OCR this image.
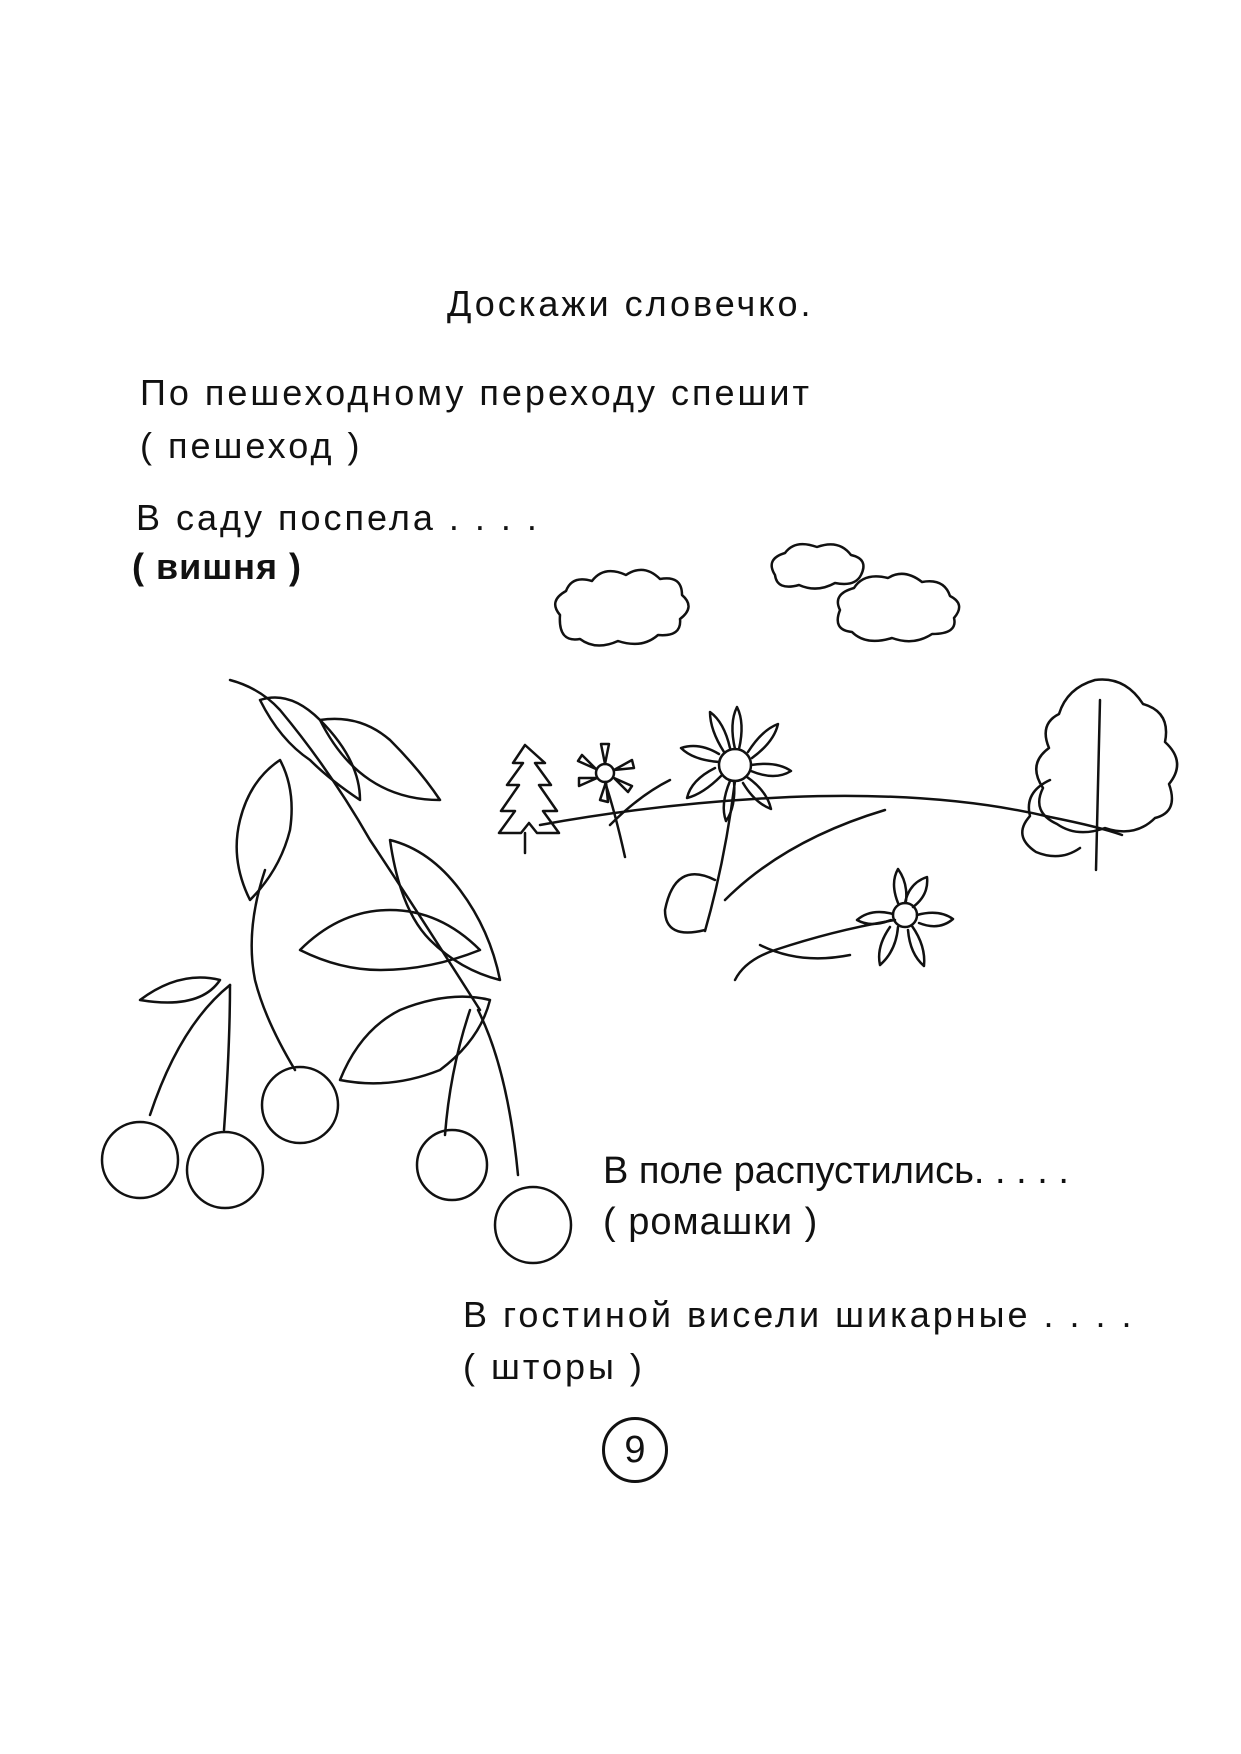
Доскажи словечко.
По пешеходному переходу спешит
( пешеход )
В саду поспела . . . .
( вишня )
В поле распустились. . . . .
( ромашки )
В гостиной висели шикарные . . . .
( шторы )
9
